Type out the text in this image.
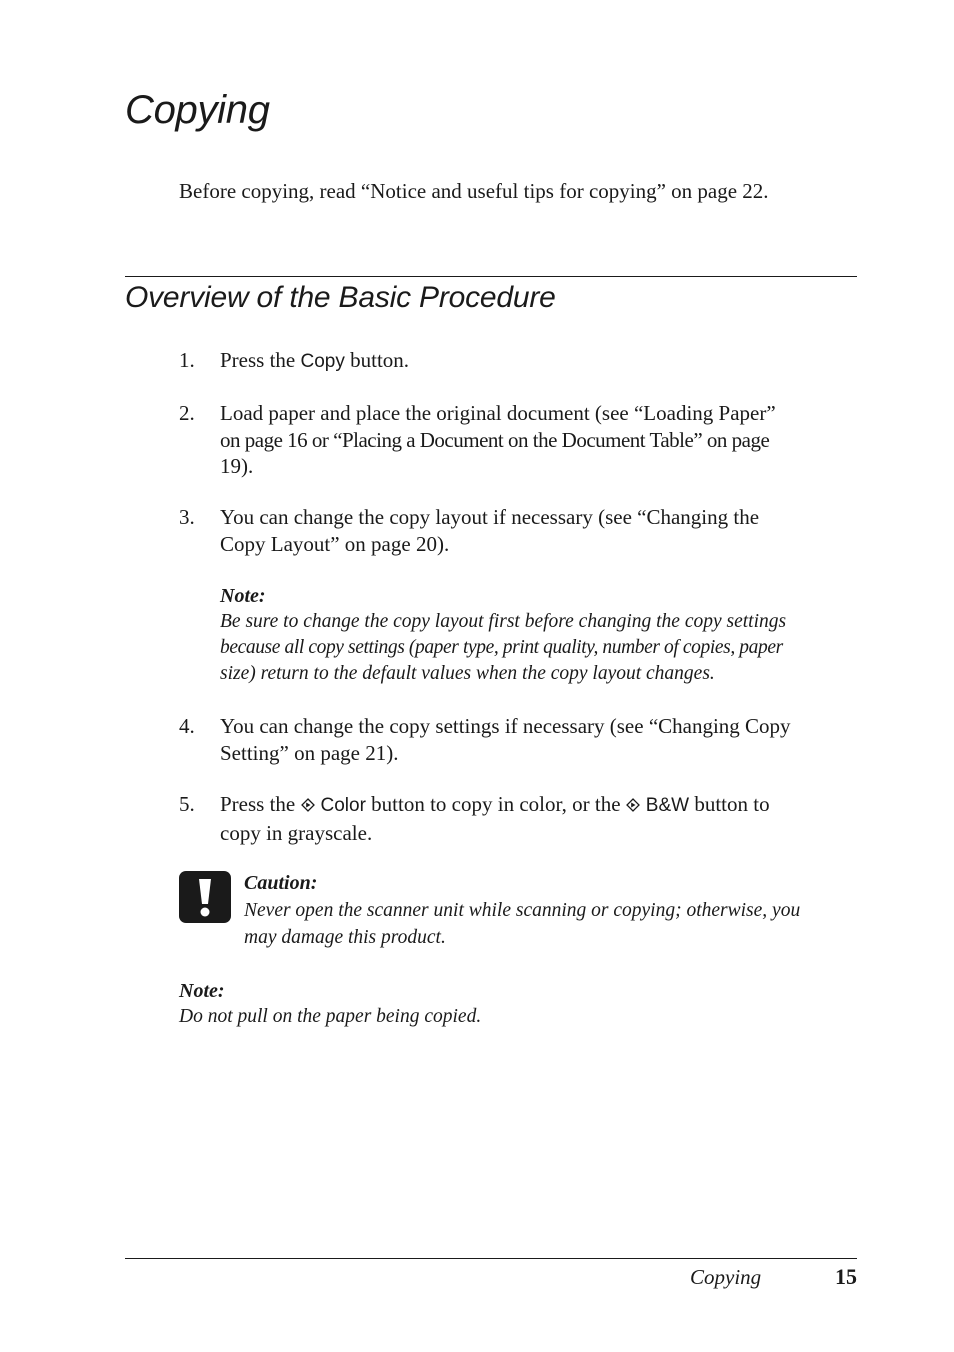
Copying
Before copying, read “Notice and useful tips for copying” on page 22.
Overview of the Basic Procedure
1. Press the Copy button.
2. Load paper and place the original document (see “Loading Paper”
on page 16 or “Placing a Document on the Document Table” on page
19).
3. You can change the copy layout if necessary (see “Changing the
Copy Layout” on page 20).
Note:
Be sure to change the copy layout first before changing the copy settings
because all copy settings (paper type, print quality, number of copies, paper
size) return to the default values when the copy layout changes.
4. You can change the copy settings if necessary (see “Changing Copy
Setting” on page 21).
5. Press the Color button to copy in color, or the B&W button to
copy in grayscale.
Caution:
Never open the scanner unit while scanning or copying; otherwise, you
may damage this product.
Note:
Do not pull on the paper being copied.
Copying	15
